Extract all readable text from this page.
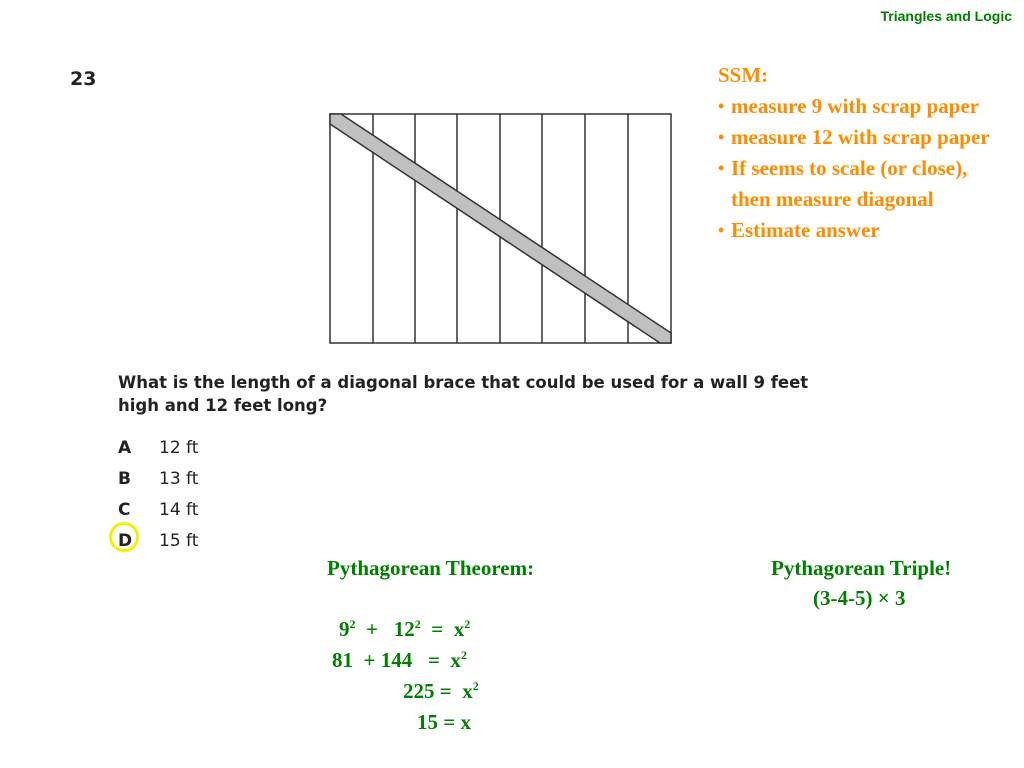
Triangles and Logic
23	SSM:
• measure 9 with scrap paper
• measure 12 with scrap paper
• If seems to scale (or close), then measure diagonal
• Estimate answer
What is the length of a diagonal brace that could be used for a wall 9 feet
high and 12 feet long?
A 12 ft
B 13 ft
C 14 ft
D 15 ft
Pythagorean Theorem:
$9^2 + 12^2 = x^2$
$81 + 144 = x^2$
$225 = x^2$
15 = x
Pythagorean Triple!
(3-4-5) × 3
